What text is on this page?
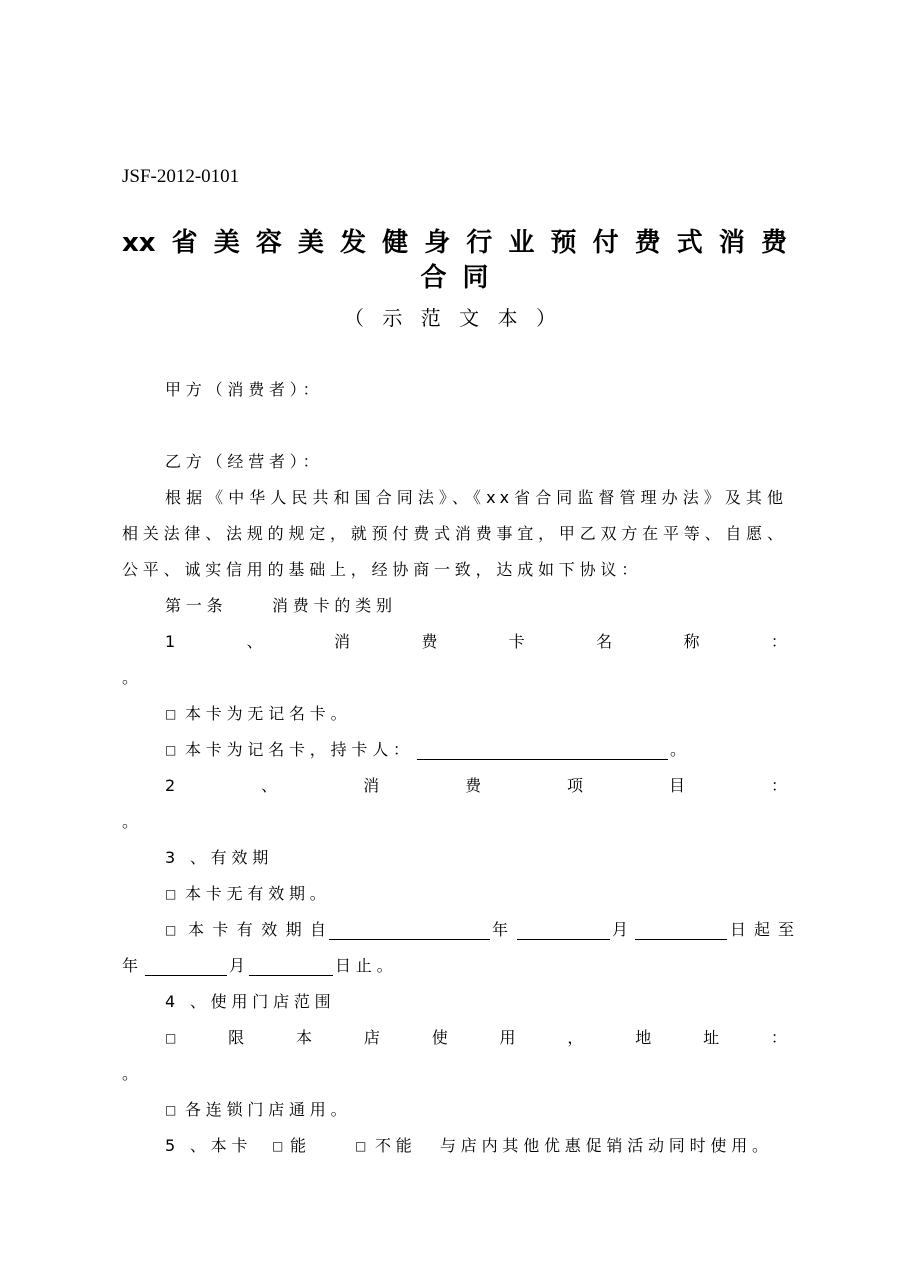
JSF-2012-0101
xx 省 美 容 美 发 健 身 行 业 预 付 费 式 消 费
合 同
（ 示 范 文 本 ）
甲方（消费者）：
乙方（经营者）：
根据《中华人民共和国合同法》、《xx省合同监督管理办法》及其他
相关法律、法规的规定，就预付费式消费事宜，甲乙双方在平等、自愿、
公平、诚实信用的基础上，经协商一致，达成如下协议：
第一条	消费卡的类别
1	、	消	费	卡	名	称	：
。
□ 本卡为无记名卡。
□ 本卡为记名卡，持卡人：	。
2	、	消	费	项	目	：
。
3 、有效期
□ 本卡无有效期。
□ 本卡有效期自	年	月	日起至
年	月	日止。
4 、使用门店范围
□	限	本	店	使	用	，	地	址	：
。
□ 各连锁门店通用。
5 、本卡 □ 能	□ 不能 与店内其他优惠促销活动同时使用。
